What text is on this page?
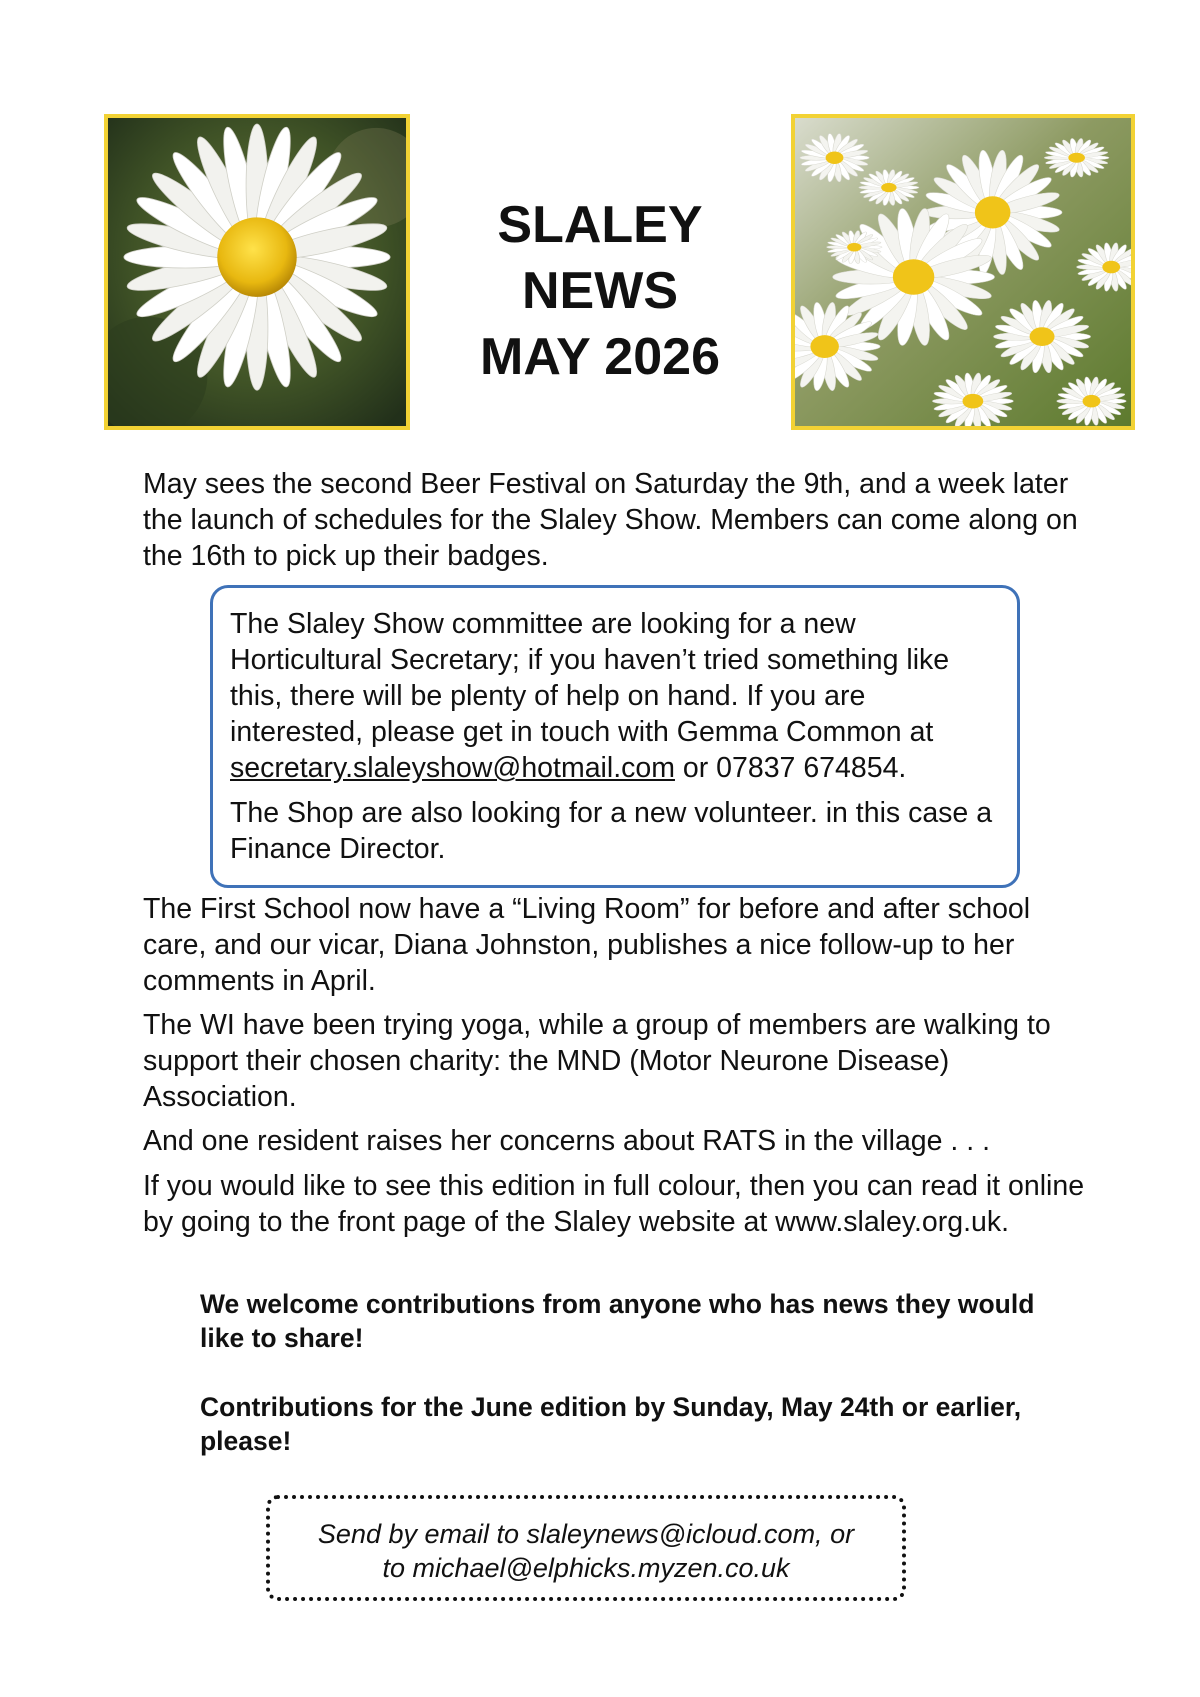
SLALEY
NEWS
MAY 2026
May sees the second Beer Festival on Saturday the 9th, and a week later the launch of schedules for the Slaley Show. Members can come along on the 16th to pick up their badges.

The Slaley Show committee are looking for a new Horticultural Secretary; if you haven’t tried something like this, there will be plenty of help on hand. If you are interested, please get in touch with Gemma Common at secretary.slaleyshow@hotmail.com or 07837 674854.

The Shop are also looking for a new volunteer. in this case a Finance Director.

The First School now have a “Living Room” for before and after school care, and our vicar, Diana Johnston, publishes a nice follow-up to her comments in April.
The WI have been trying yoga, while a group of members are walking to support their chosen charity: the MND (Motor Neurone Disease) Association.
And one resident raises her concerns about RATS in the village . . .
If you would like to see this edition in full colour, then you can read it online by going to the front page of the Slaley website at www.slaley.org.uk.
We welcome contributions from anyone who has news they would like to share!
Contributions for the June edition by Sunday, May 24th or earlier, please!
Send by email to slaleynews@icloud.com, or
to michael@elphicks.myzen.co.uk
